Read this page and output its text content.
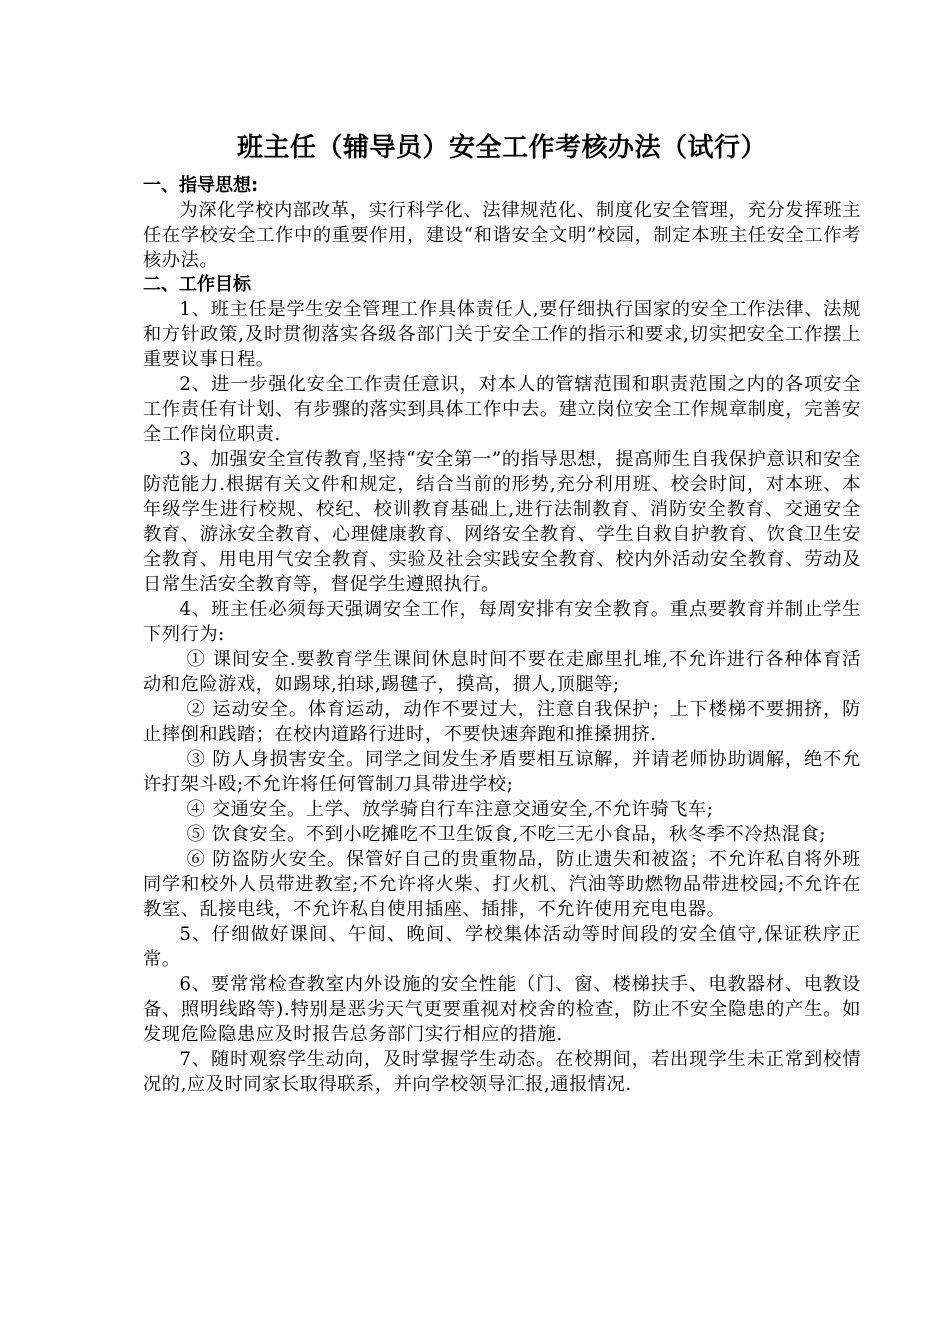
班主任（辅导员）安全工作考核办法（试行）
一、指导思想:

为深化学校内部改革，实行科学化、法律规范化、制度化安全管理，充分发挥班主任在学校安全工作中的重要作用，建设“和谐安全文明”校园，制定本班主任安全工作考核办法。

二、工作目标

1、班主任是学生安全管理工作具体责任人,要仔细执行国家的安全工作法律、法规和方针政策,及时贯彻落实各级各部门关于安全工作的指示和要求,切实把安全工作摆上重要议事日程。

2、进一步强化安全工作责任意识，对本人的管辖范围和职责范围之内的各项安全工作责任有计划、有步骤的落实到具体工作中去。建立岗位安全工作规章制度，完善安全工作岗位职责.

3、加强安全宣传教育,坚持“安全第一”的指导思想，提高师生自我保护意识和安全防范能力.根据有关文件和规定，结合当前的形势,充分利用班、校会时间，对本班、本年级学生进行校规、校纪、校训教育基础上,进行法制教育、消防安全教育、交通安全教育、游泳安全教育、心理健康教育、网络安全教育、学生自救自护教育、饮食卫生安全教育、用电用气安全教育、实验及社会实践安全教育、校内外活动安全教育、劳动及日常生活安全教育等，督促学生遵照执行。

4、班主任必须每天强调安全工作，每周安排有安全教育。重点要教育并制止学生下列行为:

① 课间安全.要教育学生课间休息时间不要在走廊里扎堆,不允许进行各种体育活动和危险游戏，如踢球,拍球,踢毽子，摸高，掼人,顶腿等;

② 运动安全。体育运动，动作不要过大，注意自我保护；上下楼梯不要拥挤，防止摔倒和践踏；在校内道路行进时，不要快速奔跑和推搡拥挤.

③ 防人身损害安全。同学之间发生矛盾要相互谅解，并请老师协助调解，绝不允许打架斗殴;不允许将任何管制刀具带进学校;

④ 交通安全。上学、放学骑自行车注意交通安全,不允许骑飞车;

⑤ 饮食安全。不到小吃摊吃不卫生饭食,不吃三无小食品，秋冬季不冷热混食;

⑥ 防盗防火安全。保管好自己的贵重物品，防止遗失和被盗；不允许私自将外班同学和校外人员带进教室;不允许将火柴、打火机、汽油等助燃物品带进校园;不允许在教室、乱接电线，不允许私自使用插座、插排，不允许使用充电电器。

5、仔细做好课间、午间、晚间、学校集体活动等时间段的安全值守,保证秩序正常。

6、要常常检查教室内外设施的安全性能（门、窗、楼梯扶手、电教器材、电教设备、照明线路等).特别是恶劣天气更要重视对校舍的检查，防止不安全隐患的产生。如发现危险隐患应及时报告总务部门实行相应的措施.

7、随时观察学生动向，及时掌握学生动态。在校期间，若出现学生未正常到校情况的,应及时同家长取得联系，并向学校领导汇报,通报情况.
